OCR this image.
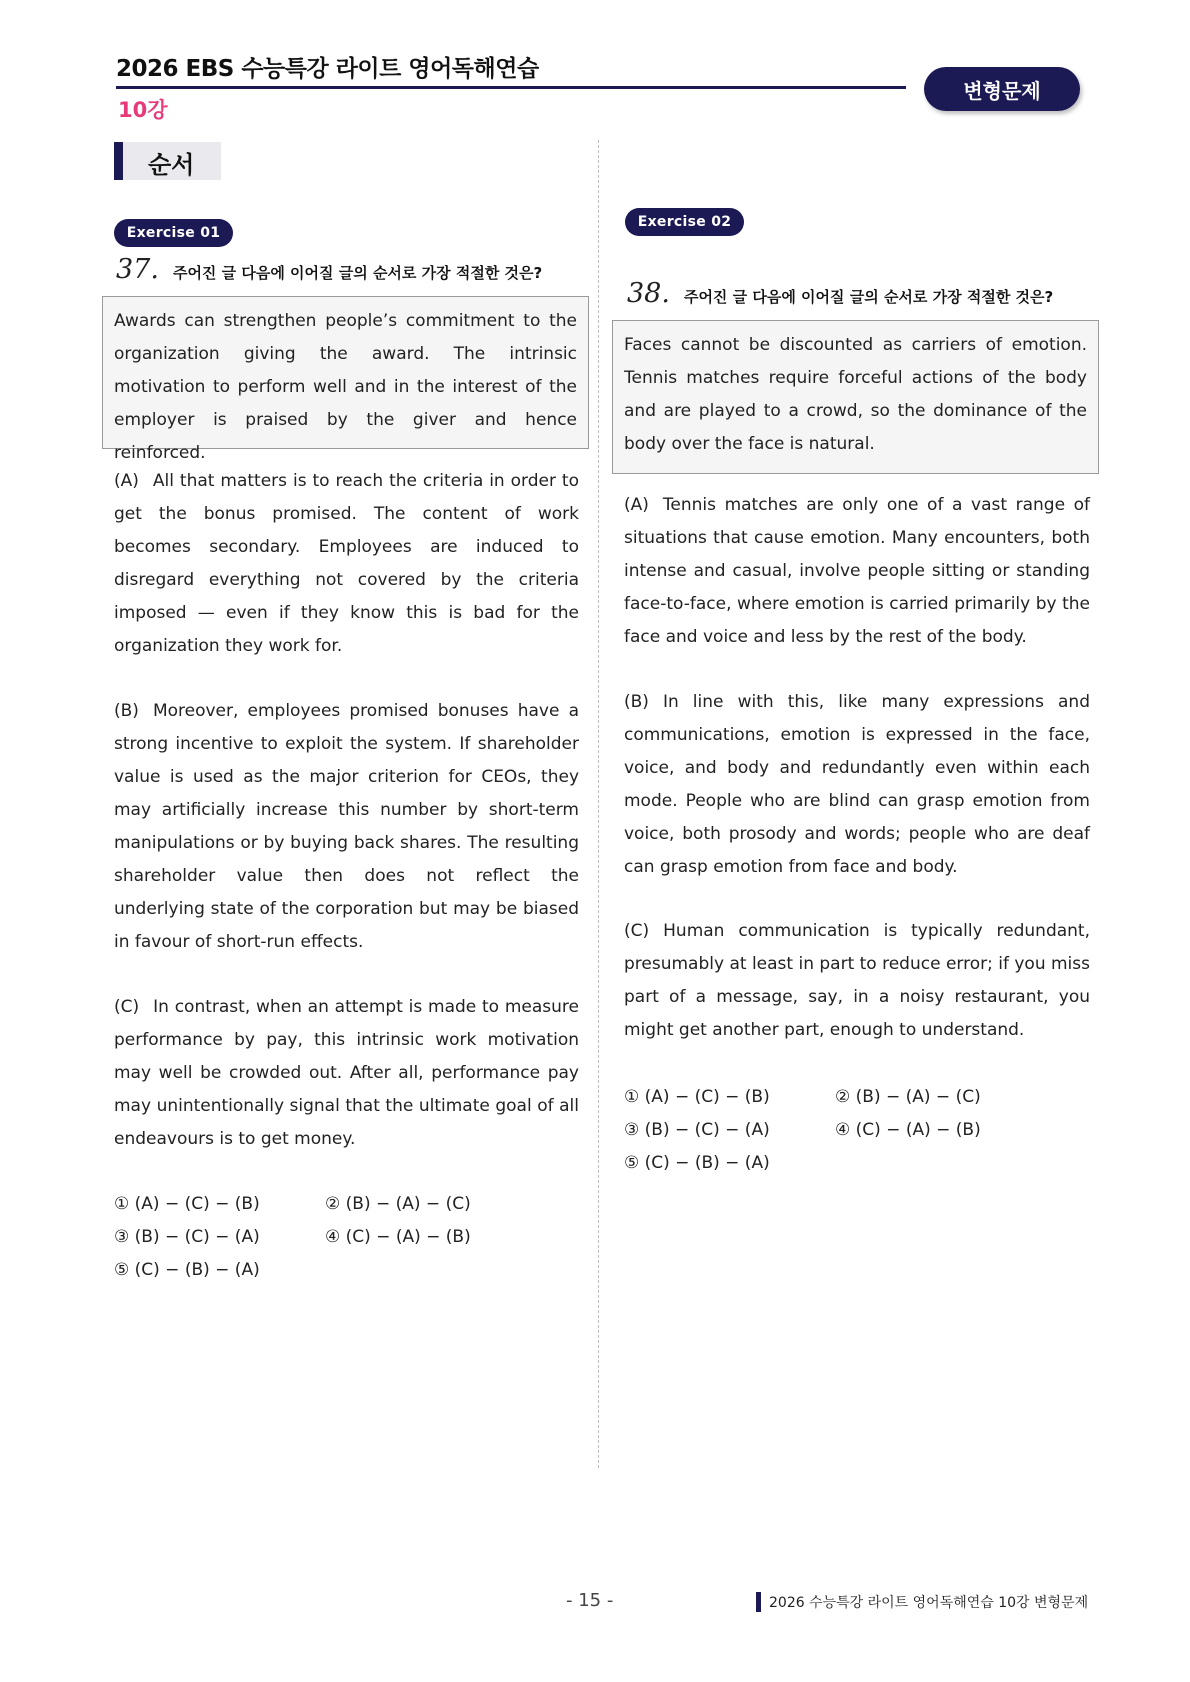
2026 EBS 수능특강 라이트 영어독해연습
10강
변형문제
순서
Exercise 01
37. 주어진 글 다음에 이어질 글의 순서로 가장 적절한 것은?
Awards can strengthen people’s commitment to the organization giving the award. The intrinsic motivation to perform well and in the interest of the employer is praised by the giver and hence reinforced.
(A) All that matters is to reach the criteria in order to get the bonus promised. The content of work becomes secondary. Employees are induced to disregard everything not covered by the criteria imposed — even if they know this is bad for the organization they work for.
(B) Moreover, employees promised bonuses have a strong incentive to exploit the system. If shareholder value is used as the major criterion for CEOs, they may artificially increase this number by short-term manipulations or by buying back shares. The resulting shareholder value then does not reflect the underlying state of the corporation but may be biased in favour of short-run effects.
(C) In contrast, when an attempt is made to measure performance by pay, this intrinsic work motivation may well be crowded out. After all, performance pay may unintentionally signal that the ultimate goal of all endeavours is to get money.
① (A) − (C) − (B)	② (B) − (A) − (C)
③ (B) − (C) − (A)	④ (C) − (A) − (B)
⑤ (C) − (B) − (A)
Exercise 02
38. 주어진 글 다음에 이어질 글의 순서로 가장 적절한 것은?
Faces cannot be discounted as carriers of emotion. Tennis matches require forceful actions of the body and are played to a crowd, so the dominance of the body over the face is natural.
(A) Tennis matches are only one of a vast range of situations that cause emotion. Many encounters, both intense and casual, involve people sitting or standing face-to-face, where emotion is carried primarily by the face and voice and less by the rest of the body.
(B) In line with this, like many expressions and communications, emotion is expressed in the face, voice, and body and redundantly even within each mode. People who are blind can grasp emotion from voice, both prosody and words; people who are deaf can grasp emotion from face and body.
(C) Human communication is typically redundant, presumably at least in part to reduce error; if you miss part of a message, say, in a noisy restaurant, you might get another part, enough to understand.
① (A) − (C) − (B)	② (B) − (A) − (C)
③ (B) − (C) − (A)	④ (C) − (A) − (B)
⑤ (C) − (B) − (A)
- 15 -	2026 수능특강 라이트 영어독해연습 10강 변형문제
